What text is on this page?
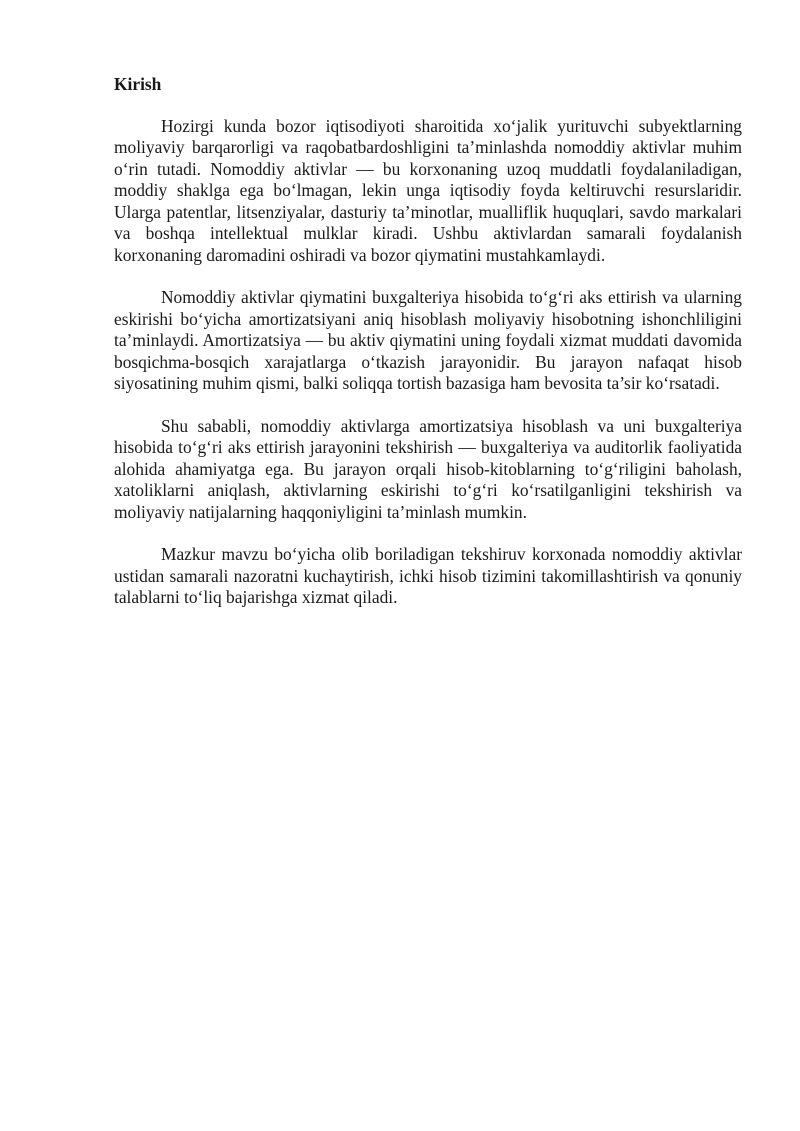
Kirish

Hozirgi kunda bozor iqtisodiyoti sharoitida xo‘jalik yurituvchi subyektlarning moliyaviy barqarorligi va raqobatbardoshligini ta’minlashda nomoddiy aktivlar muhim o‘rin tutadi. Nomoddiy aktivlar — bu korxonaning uzoq muddatli foydalaniladigan, moddiy shaklga ega bo‘lmagan, lekin unga iqtisodiy foyda keltiruvchi resurslaridir. Ularga patentlar, litsenziyalar, dasturiy ta’minotlar, mualliflik huquqlari, savdo markalari va boshqa intellektual mulklar kiradi. Ushbu aktivlardan samarali foydalanish korxonaning daromadini oshiradi va bozor qiymatini mustahkamlaydi.

Nomoddiy aktivlar qiymatini buxgalteriya hisobida to‘g‘ri aks ettirish va ularning eskirishi bo‘yicha amortizatsiyani aniq hisoblash moliyaviy hisobotning ishonchliligini ta’minlaydi. Amortizatsiya — bu aktiv qiymatini uning foydali xizmat muddati davomida bosqichma-bosqich xarajatlarga o‘tkazish jarayonidir. Bu jarayon nafaqat hisob siyosatining muhim qismi, balki soliqqa tortish bazasiga ham bevosita ta’sir ko‘rsatadi.

Shu sababli, nomoddiy aktivlarga amortizatsiya hisoblash va uni buxgalteriya hisobida to‘g‘ri aks ettirish jarayonini tekshirish — buxgalteriya va auditorlik faoliyatida alohida ahamiyatga ega. Bu jarayon orqali hisob-kitoblarning to‘g‘riligini baholash, xatoliklarni aniqlash, aktivlarning eskirishi to‘g‘ri ko‘rsatilganligini tekshirish va moliyaviy natijalarning haqqoniyligini ta’minlash mumkin.

Mazkur mavzu bo‘yicha olib boriladigan tekshiruv korxonada nomoddiy aktivlar ustidan samarali nazoratni kuchaytirish, ichki hisob tizimini takomillashtirish va qonuniy talablarni to‘liq bajarishga xizmat qiladi.
